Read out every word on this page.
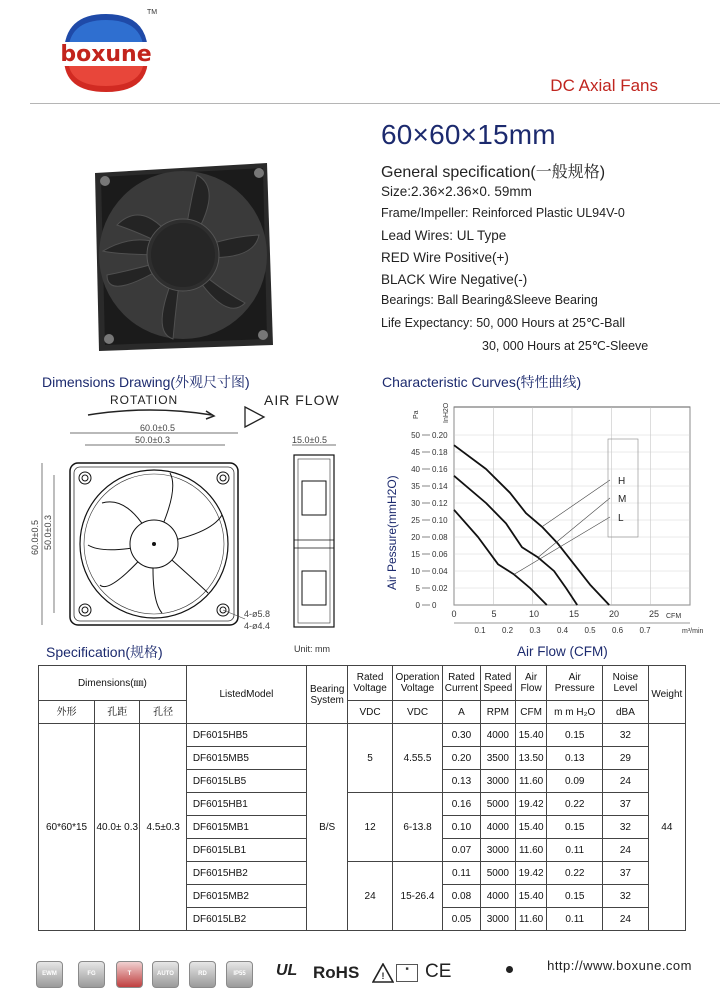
boxune
TM
DC Axial Fans
60×60×15mm
General specification(一般规格)
Size:2.36×2.36×0. 59mm
Frame/Impeller: Reinforced Plastic UL94V-0
Lead Wires: UL Type
RED Wire Positive(+)
BLACK Wire Negative(-)
Bearings: Ball Bearing&Sleeve Bearing
Life Expectancy: 50, 000 Hours at 25℃-Ball
30, 000 Hours at 25℃-Sleeve
Dimensions Drawing(外观尺寸图)	Characteristic Curves(特性曲线)
ROTATION	AIR FLOW
60.0±0.5
50.0±0.3
60.0±0.5 50.0±0.3
4-ø5.8
4-ø4.4
15.0±0.5
0 0
5 0.02
10 0.04
15 0.06
20 0.08
25 0.10
30 0.12
35 0.14
40 0.16
45 0.18
50 0.20
Pa	InH2O
Air Pessure(mmH2O)
0	5	10	15	20	25 CFM
0.1 0.2 0.3 0.4 0.5 0.6 0.7	m³/min
H
M
L
Specification(规格)	Unit: mm	Air Flow (CFM)
Dimensions(㎜)			ListedModel	Bearing System	Rated Voltage	Operation Voltage	Rated Current	Rated Speed	Air Flow	Air Pressure	Noise Level	Weight
外形	孔距	孔径			VDC	VDC	A	RPM	CFM	m m H₂O	dBA	
60*60*15	40.0± 0.3	4.5±0.3	DF6015HB5	B/S	5	4.55.5	0.30	4000	15.40	0.15	32	44
			DF6015MB5				0.20	3500	13.50	0.13	29	
			DF6015LB5				0.13	3000	11.60	0.09	24	
			DF6015HB1		12	6-13.8	0.16	5000	19.42	0.22	37	
			DF6015MB1				0.10	4000	15.40	0.15	32	
			DF6015LB1				0.07	3000	11.60	0.11	24	
			DF6015HB2		24	15-26.4	0.11	5000	19.42	0.22	37	
			DF6015MB2				0.08	4000	15.40	0.15	32	
			DF6015LB2				0.05	3000	11.60	0.11	24	
EWM	FG	T	AUTO	RD	IP55	UL RoHS !
■ CE	http://www.boxune.com
